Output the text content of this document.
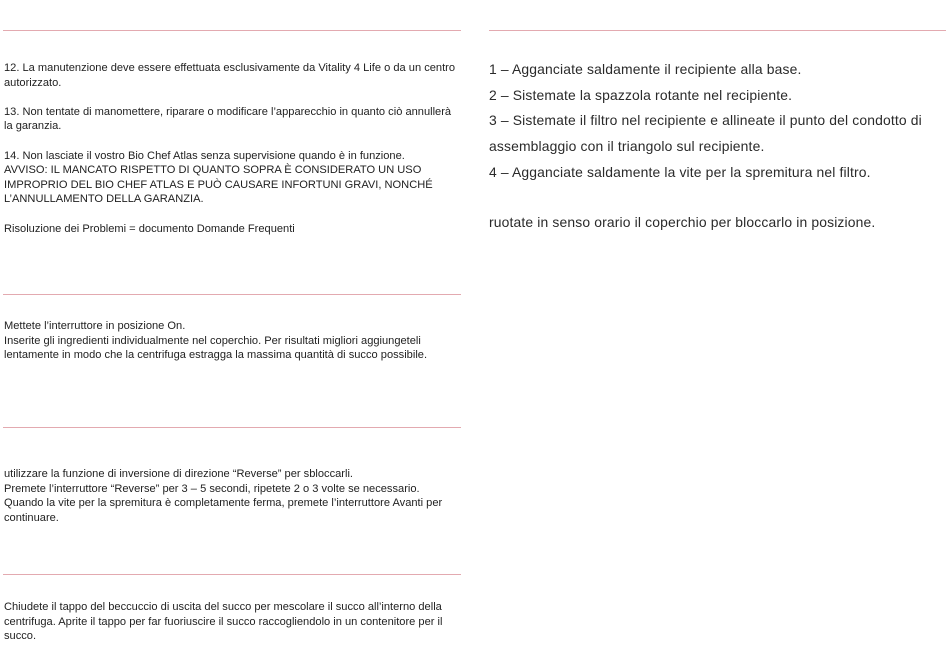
12. La manutenzione deve essere effettuata esclusivamente da Vitality 4 Life o da un centro autorizzato.

13. Non tentate di manomettere, riparare o modificare l’apparecchio in quanto ciò annullerà la garanzia.

14. Non lasciate il vostro Bio Chef Atlas senza supervisione quando è in funzione.

AVVISO: IL MANCATO RISPETTO DI QUANTO SOPRA È CONSIDERATO UN USO IMPROPRIO DEL BIO CHEF ATLAS E PUÒ CAUSARE INFORTUNI GRAVI, NONCHÉ L’ANNULLAMENTO DELLA GARANZIA.

Risoluzione dei Problemi = documento Domande Frequenti

Mettete l’interruttore in posizione On.

Inserite gli ingredienti individualmente nel coperchio. Per risultati migliori aggiungeteli lentamente in modo che la centrifuga estragga la massima quantità di succo possibile.

utilizzare la funzione di inversione di direzione “Reverse” per sbloccarli.

Premete l’interruttore “Reverse” per 3 – 5 secondi, ripetete 2 o 3 volte se necessario. Quando la vite per la spremitura è completamente ferma, premete l’interruttore Avanti per continuare.

Chiudete il tappo del beccuccio di uscita del succo per mescolare il succo all’interno della centrifuga. Aprite il tappo per far fuoriuscire il succo raccogliendolo in un contenitore per il succo.

1 – Agganciate saldamente il recipiente alla base.

2 – Sistemate la spazzola rotante nel recipiente.

3 – Sistemate il filtro nel recipiente e allineate il punto del condotto di assemblaggio con il triangolo sul recipiente.

4 – Agganciate saldamente la vite per la spremitura nel filtro.

ruotate in senso orario il coperchio per bloccarlo in posizione.
